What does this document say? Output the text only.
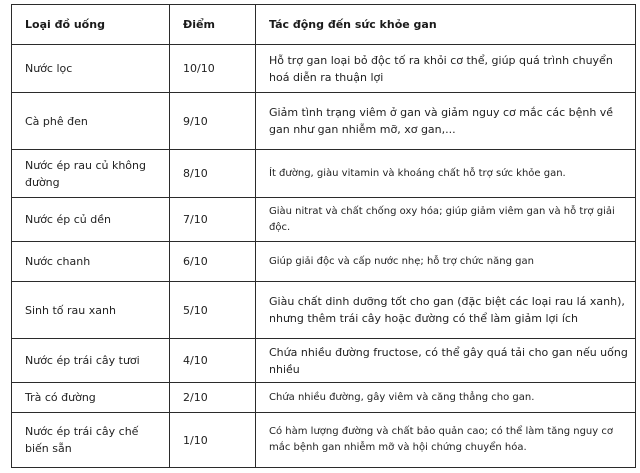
Loại đồ uống	Điểm	Tác động đến sức khỏe gan
Nước lọc	10/10	Hỗ trợ gan loại bỏ độc tố ra khỏi cơ thể, giúp quá trình chuyển hoá diễn ra thuận lợi
Cà phê đen	9/10	Giảm tình trạng viêm ở gan và giảm nguy cơ mắc các bệnh về gan như gan nhiễm mỡ, xơ gan,...
Nước ép rau củ không đường	8/10	Ít đường, giàu vitamin và khoáng chất hỗ trợ sức khỏe gan.
Nước ép củ dền	7/10	Giàu nitrat và chất chống oxy hóa; giúp giảm viêm gan và hỗ trợ giải độc.
Nước chanh	6/10	Giúp giải độc và cấp nước nhẹ; hỗ trợ chức năng gan
Sinh tố rau xanh	5/10	Giàu chất dinh dưỡng tốt cho gan (đặc biệt các loại rau lá xanh), nhưng thêm trái cây hoặc đường có thể làm giảm lợi ích
Nước ép trái cây tươi	4/10	Chứa nhiều đường fructose, có thể gây quá tải cho gan nếu uống nhiều
Trà có đường	2/10	Chứa nhiều đường, gây viêm và căng thẳng cho gan.
Nước ép trái cây chế biến sẵn	1/10	Có hàm lượng đường và chất bảo quản cao; có thể làm tăng nguy cơ mắc bệnh gan nhiễm mỡ và hội chứng chuyển hóa.
